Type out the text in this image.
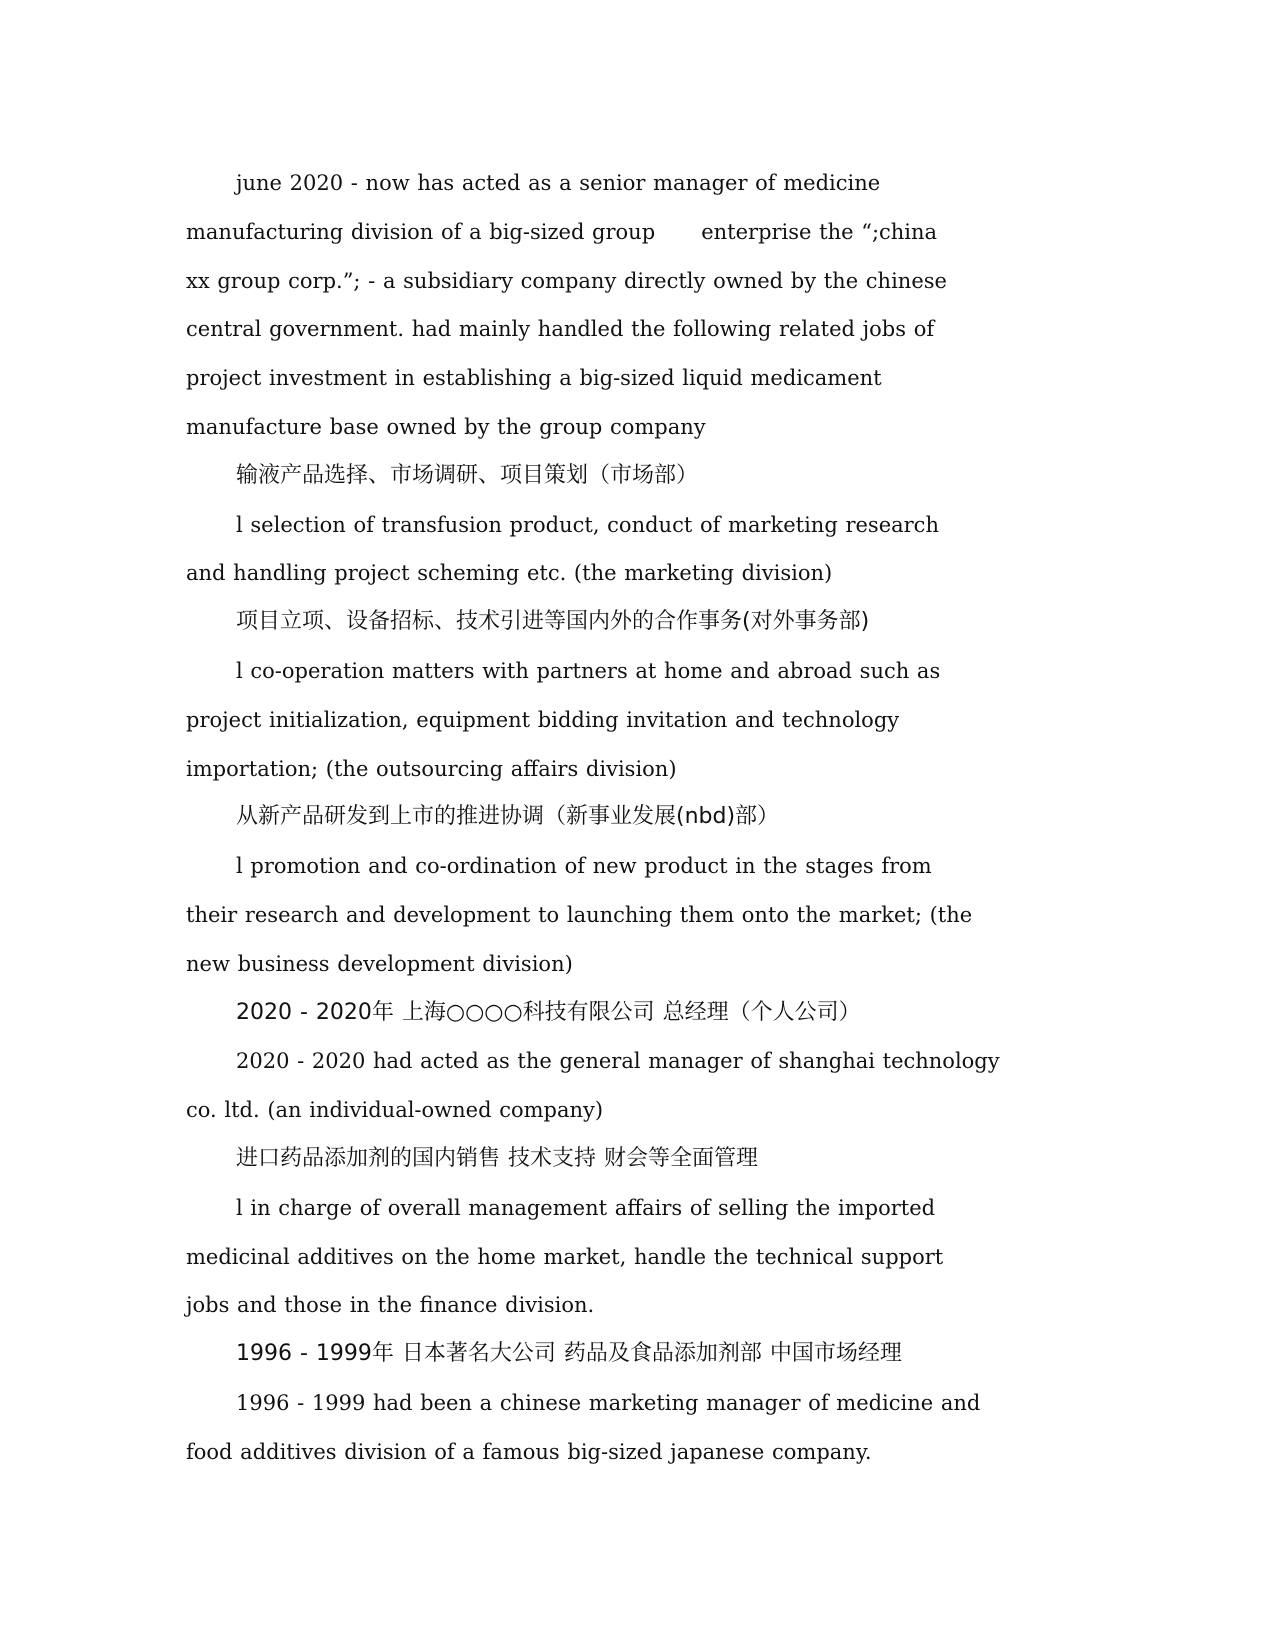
june 2020 - now has acted as a senior manager of medicine
manufacturing division of a big-sized group      enterprise the “;china
xx group corp.”; - a subsidiary company directly owned by the chinese
central government. had mainly handled the following related jobs of
project investment in establishing a big-sized liquid medicament
manufacture base owned by the group company

输液产品选择、市场调研、项目策划（市场部）

l selection of transfusion product, conduct of marketing research
and handling project scheming etc. (the marketing division)

项目立项、设备招标、技术引进等国内外的合作事务(对外事务部)

l co-operation matters with partners at home and abroad such as
project initialization, equipment bidding invitation and technology
importation; (the outsourcing affairs division)

从新产品研发到上市的推进协调（新事业发展(nbd)部）

l promotion and co-ordination of new product in the stages from
their research and development to launching them onto the market; (the
new business development division)

2020 - 2020年 上海○○○○科技有限公司 总经理（个人公司）

2020 - 2020 had acted as the general manager of shanghai technology
co. ltd. (an individual-owned company)

进口药品添加剂的国内销售 技术支持 财会等全面管理

l in charge of overall management affairs of selling the imported
medicinal additives on the home market, handle the technical support
jobs and those in the finance division.

1996 - 1999年 日本著名大公司 药品及食品添加剂部 中国市场经理

1996 - 1999 had been a chinese marketing manager of medicine and
food additives division of a famous big-sized japanese company.
